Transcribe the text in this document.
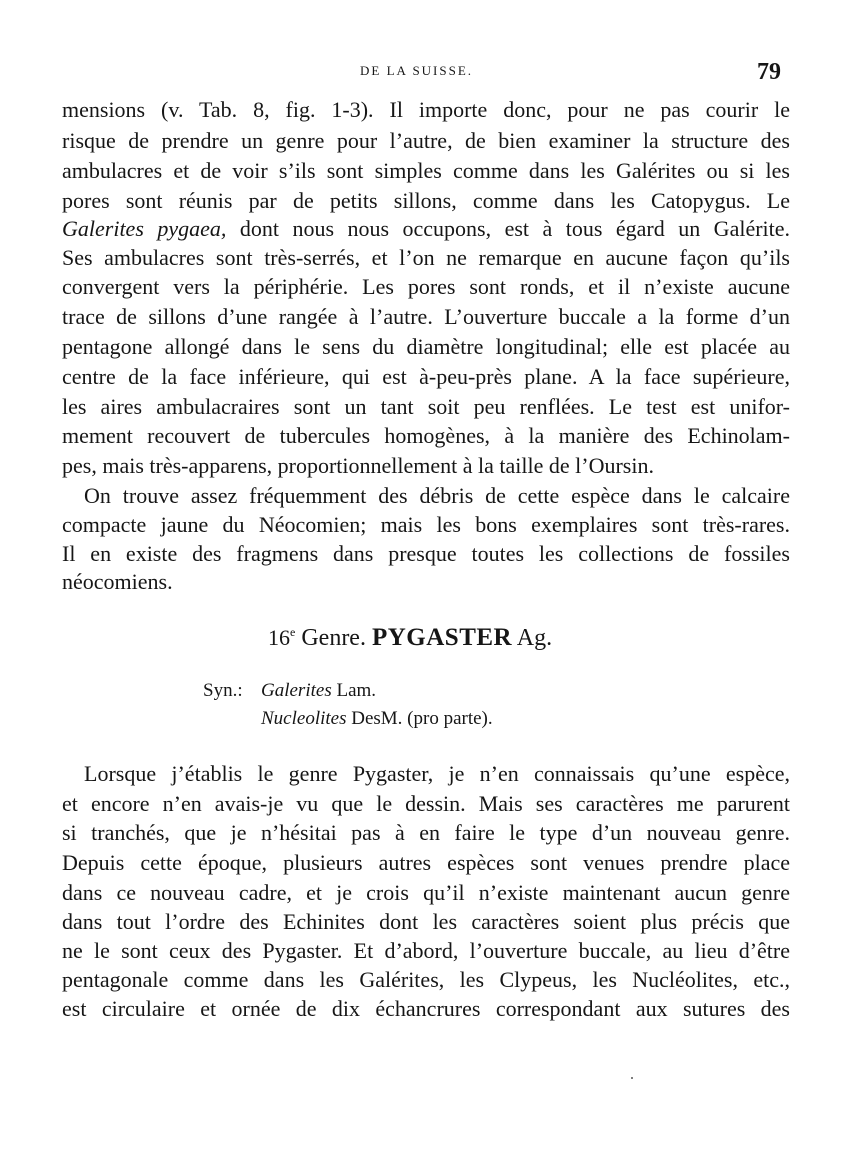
DE LA SUISSE.	79
mensions (v. Tab. 8, fig. 1-3). Il importe donc, pour ne pas courir le
risque de prendre un genre pour l’autre, de bien examiner la structure des
ambulacres et de voir s’ils sont simples comme dans les Galérites ou si les
pores sont réunis par de petits sillons, comme dans les Catopygus. Le
Galerites pygaea, dont nous nous occupons, est à tous égard un Galérite.
Ses ambulacres sont très-serrés, et l’on ne remarque en aucune façon qu’ils
convergent vers la périphérie. Les pores sont ronds, et il n’existe aucune
trace de sillons d’une rangée à l’autre. L’ouverture buccale a la forme d’un
pentagone allongé dans le sens du diamètre longitudinal; elle est placée au
centre de la face inférieure, qui est à-peu-près plane. A la face supérieure,
les aires ambulacraires sont un tant soit peu renflées. Le test est unifor-
mement recouvert de tubercules homogènes, à la manière des Echinolam-
pes, mais très-apparens, proportionnellement à la taille de l’Oursin.
On trouve assez fréquemment des débris de cette espèce dans le calcaire
compacte jaune du Néocomien; mais les bons exemplaires sont très-rares.
Il en existe des fragmens dans presque toutes les collections de fossiles
néocomiens.
16e Genre. PYGASTER Ag.
Syn.: Galerites Lam.
Nucleolites DesM. (pro parte).
Lorsque j’établis le genre Pygaster, je n’en connaissais qu’une espèce,
et encore n’en avais-je vu que le dessin. Mais ses caractères me parurent
si tranchés, que je n’hésitai pas à en faire le type d’un nouveau genre.
Depuis cette époque, plusieurs autres espèces sont venues prendre place
dans ce nouveau cadre, et je crois qu’il n’existe maintenant aucun genre
dans tout l’ordre des Echinites dont les caractères soient plus précis que
ne le sont ceux des Pygaster. Et d’abord, l’ouverture buccale, au lieu d’être
pentagonale comme dans les Galérites, les Clypeus, les Nucléolites, etc.,
est circulaire et ornée de dix échancrures correspondant aux sutures des
